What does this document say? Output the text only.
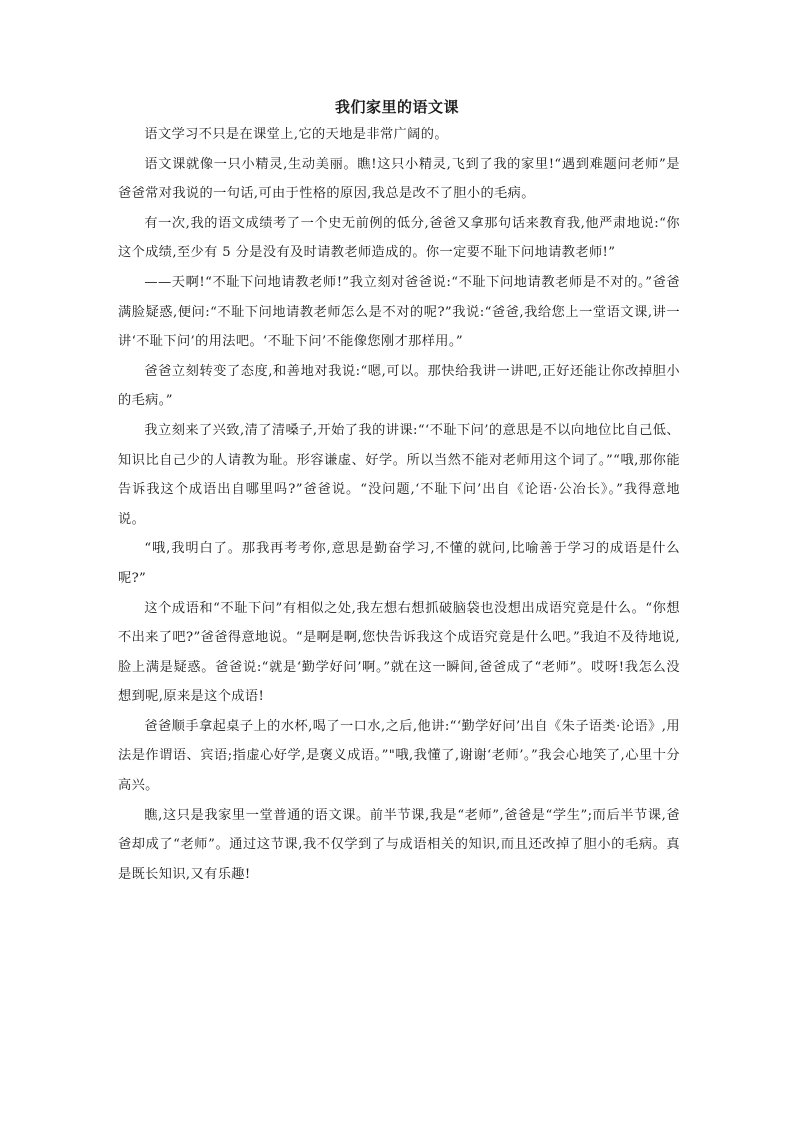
我们家里的语文课

语文学习不只是在课堂上,它的天地是非常广阔的。

语文课就像一只小精灵,生动美丽。瞧!这只小精灵,飞到了我的家里!“遇到难题问老师”是爸爸常对我说的一句话,可由于性格的原因,我总是改不了胆小的毛病。

有一次,我的语文成绩考了一个史无前例的低分,爸爸又拿那句话来教育我,他严肃地说:“你这个成绩,至少有 5 分是没有及时请教老师造成的。你一定要不耻下问地请教老师!”

——天啊!“不耻下问地请教老师!”我立刻对爸爸说:“不耻下问地请教老师是不对的。”爸爸满脸疑惑,便问:“不耻下问地请教老师怎么是不对的呢?”我说:“爸爸,我给您上一堂语文课,讲一讲‘不耻下问’的用法吧。‘不耻下问’不能像您刚才那样用。”

爸爸立刻转变了态度,和善地对我说:“嗯,可以。那快给我讲一讲吧,正好还能让你改掉胆小的毛病。”

我立刻来了兴致,清了清嗓子,开始了我的讲课:“‘不耻下问’的意思是不以向地位比自己低、知识比自己少的人请教为耻。形容谦虚、好学。所以当然不能对老师用这个词了。”“哦,那你能告诉我这个成语出自哪里吗?”爸爸说。“没问题,‘不耻下问’出自《论语·公冶长》。”我得意地说。

“哦,我明白了。那我再考考你,意思是勤奋学习,不懂的就问,比喻善于学习的成语是什么呢?”

这个成语和“不耻下问”有相似之处,我左想右想抓破脑袋也没想出成语究竟是什么。“你想不出来了吧?”爸爸得意地说。“是啊是啊,您快告诉我这个成语究竟是什么吧。”我迫不及待地说,脸上满是疑惑。爸爸说:“就是‘勤学好问’啊。”就在这一瞬间,爸爸成了“老师”。哎呀!我怎么没想到呢,原来是这个成语!

爸爸顺手拿起桌子上的水杯,喝了一口水,之后,他讲:“‘勤学好问’出自《朱子语类·论语》,用法是作谓语、宾语;指虚心好学,是褒义成语。”"哦,我懂了,谢谢‘老师’。”我会心地笑了,心里十分高兴。

瞧,这只是我家里一堂普通的语文课。前半节课,我是“老师”,爸爸是“学生”;而后半节课,爸爸却成了“老师”。通过这节课,我不仅学到了与成语相关的知识,而且还改掉了胆小的毛病。真是既长知识,又有乐趣!
